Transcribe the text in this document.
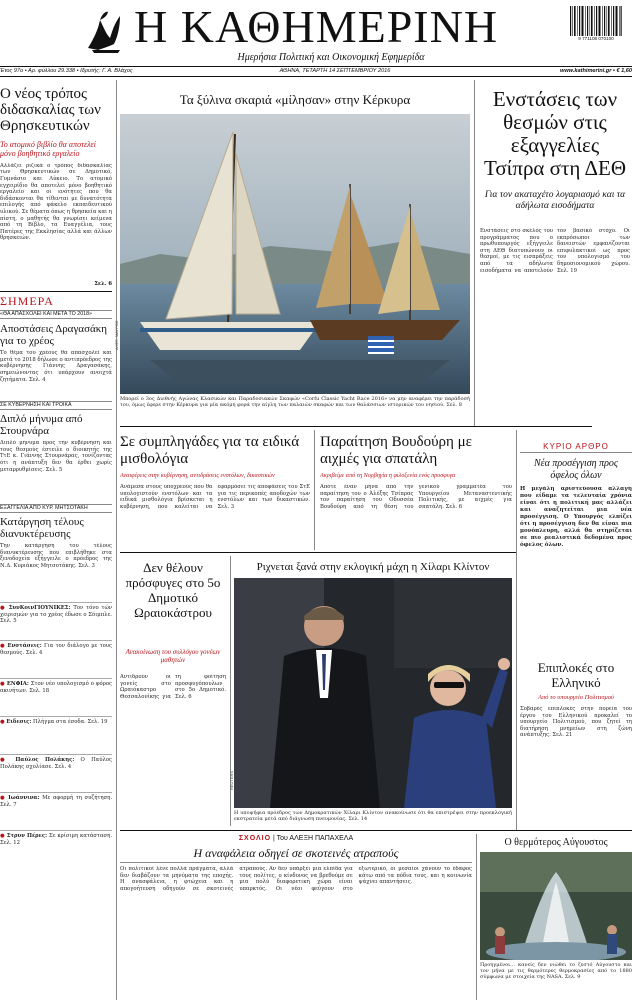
Η ΚΑΘΗΜΕΡΙΝΗ
Ημερήσια Πολιτική και Οικονομική Εφημερίδα
9 771108 070100
Έτος 97ο • Αρ. φύλλου 29.338 • Ιδρυτής: Γ. Α. Βλάχος	ΑΘΗΝΑ, ΤΕΤΑΡΤΗ 14 ΣΕΠΤΕΜΒΡΙΟΥ 2016	www.kathimerini.gr • € 1,60
Ο νέος τρόπος διδασκαλίας των Θρησκευτικών
Το ατομικό βιβλίο θα αποτελεί μόνο βοηθητικό εργαλείο
Αλλάζει ριζικά ο τρόπος διδασκαλίας των Θρησκευτικών σε Δημοτικό, Γυμνάσιο και Λύκειο. Το ατομικό εγχειρίδιο θα αποτελεί μόνο βοηθητικό εργαλείο και οι ενότητες που θα διδάσκονται θα τίθενται με δυνατότητα επιλογής από φάκελο εκπαιδευτικού υλικού. Σε θέματα όπως η θρησκεία και η πίστη, ο μαθητής θα γνωρίσει κείμενα από τη Βίβλο, τα Ευαγγέλια, τους Πατέρες της Εκκλησίας αλλά και άλλων θρησκειών.
Σελ. 6
ΣΗΜΕΡΑ
«ΘΑ ΑΠΑΣΧΟΛΕΙ ΚΑΙ ΜΕΤΑ ΤΟ 2018»
Αποστάσεις Δραγασάκη για το χρέος
Το θέμα του χρέους θα απασχολεί και μετά το 2018 δήλωσε ο αντιπρόεδρος της κυβέρνησης Γιάννης Δραγασάκης, σημειώνοντας ότι υπάρχουν ανοιχτά ζητήματα. Σελ. 4
ΣΕ ΚΥΒΕΡΝΗΣΗ ΚΑΙ ΤΡΟΪΚΑ
Διπλό μήνυμα από Στουρνάρα
Διπλό μήνυμα προς την κυβέρνηση και τους θεσμούς έστειλε ο διοικητής της ΤτΕ κ. Γιάννης Στουρνάρας, τονίζοντας ότι η ανάπτυξη δεν θα έρθει χωρίς μεταρρυθμίσεις. Σελ. 5
ΕΞΑΓΓΕΛΙΑ ΑΠΟ ΚΥΡ. ΜΗΤΣΟΤΑΚΗ
Κατάργηση τέλους διανυκτέρευσης
Την κατάργηση του τέλους διανυκτέρευσης που επιβλήθηκε στα ξενοδοχεία εξήγγειλε ο πρόεδρος της Ν.Δ. Κυριάκος Μητσοτάκης. Σελ. 3
● ΣυνΚοινΓΙΟΥΝΙΚΕΣ: Τον τόνο τών χειρισμών για το χρέος έδωσε ο Σόιμπλε. Σελ. 5
● Ενστάσεις: Για τον διάλογο με τους θεσμούς. Σελ. 4
● ΕΝΦΙΑ: Στον νέο υπολογισμό ο φόρος ακινήτων. Σελ. 18
● Ειδεσις: Πλήγμα στα έσοδα. Σελ. 19
● Παύλος Πολάκης: Ο Παύλος Πολάκης σχολίασε. Σελ. 4
● Ιωάννινα: Με αφορμή τη συζήτηση. Σελ. 7
● Στρυν Πέρες: Σε κρίσιμη κατάσταση. Σελ. 12
Τα ξύλινα σκαριά «μίλησαν» στην Κέρκυρα
ΑΛΕΞ. ΜΑΥΡΟΣ
Μπορεί ο 3ος Διεθνής Αγώνας Κλασικών και Παραδοσιακών Σκαφών «Corfu Classic Yacht Race 2016» να μην αναφέρει την παράδοσή του, όμως έφερε στην Κέρκυρα για μία ακόμη φορά την αίγλη των παλαιών σκαφών και των θαλάσσιων ιστορικών του νησιού. Σελ. 8
Ενστάσεις των θεσμών στις εξαγγελίες Τσίπρα στη ΔΕΘ
Για τον ακαταχέτο λογαριασμό και τα αδήλωτα εισοδήματα
Ενστάσεις στο σκέλος του προγράμματος που ο πρωθυπουργός εξήγγειλε στη ΔΕΘ διατυπώνουν οι θεσμοί, με τις εισπράξεις από τα αδήλωτα εισοδήματα να αποτελούν τον βασικό στόχο. Οι εκπρόσωποι των δανειστών εμφανίζονται επιφυλακτικοί ως προς τον υπολογισμό του δημοσιονομικού χώρου. Σελ. 19
Σε συμπληγάδες για τα ειδικά μισθολόγια
Αναιφέρεις στην κυβέρνηση, αντιδράσεις ενστόλων, δικαστικών
Ανάμεσα στους υποχρεούς που θα υπολογιστούν ενστόλων και τα ειδικά μισθολόγια βρίσκεται η κυβέρνηση, που καλείται να εφαρμόσει τις αποφάσεις του ΣτΕ για τις περικοπές αποδοχών των ενστόλων και των δικαστικών. Σελ. 3
Παραίτηση Βουδούρη με αιχμές για σπατάλη
Ακριβείμε από τη Νορβηγία η φιλοξενία ενός προσφυγα
Απότε έναν μήνα από την παραίτηση του ο Άλέξης Τσίπρας τον παραίτηση του Οδυσσέα Βουδούρη από τη θέση του γενικού γραμματέα του Υπουργείου Μεταναστευτικής Πολιτικής, με αιχμές για σπατάλη. Σελ. 6
ΚΥΡΙΟ ΑΡΘΡΟ
Νέα προσέγγιση προς όφελος όλων
Η μεγάλη αριστεύουσα αλλαγή που είδαμε τα τελευταία χρόνια είναι ότι η πολιτική μας αλλάζει και αναζητείται μια νέα προσέγγιση. Ο Υπουργός ελπίζει ότι η προσέγγιση δεν θα είναι πια μονόπλευρη, αλλά θα στηρίζεται σε πιο ρεαλιστικά δεδομένα προς όφελος όλων.
Δεν θέλουν πρόσφυγες στο 5ο Δημοτικό Ωραιοκάστρου
Ανακοίνωση του συλλόγου γονέων μαθητών
Αντιδρούν οι γονείς στο Ωραιόκαστρο Θεσσαλονίκης για τη φοίτηση προσφυγόπουλων στο 5ο Δημοτικό. Σελ. 6
Ριχνεται ξανά στην εκλογική μάχη η Χίλαρι Κλίντον
REUTERS
Η υποψήφια πρόεδρος των Δημοκρατικών Χίλαρι Κλίντον ανακοίνωσε ότι θα επιστρέψει στην προεκλογική εκστρατεία μετά από διάγνωση πνευμονίας. Σελ. 14
Επιπλοκές στο Ελληνικό
Από το υπουργείο Πολιτισμού
Σοβαρές επιπλοκές στην πορεία του έργου του Ελληνικού προκαλεί το υπουργείο Πολιτισμού, που ζητεί τη διατήρηση μνημείων στη ζώνη ανάπτυξης. Σελ. 21
ΣΧΟΛΙΟ | Του ΑΛΕΞΗ ΠΑΠΑΧΕΛΑ
Η αναφάλεια οδηγεί σε σκοτεινές ατραπούς
Οι πολιτικοί λένε πολλά πράγματα, αλλά δεν διαβάζουν τα μηνύματα της εποχής. Η ανασφάλεια, η φτώχεια και η απογοήτευση οδηγούν σε σκοτεινές ατραπούς. Αν δεν υπάρξει μια ελπίδα για τους πολίτες, ο κίνδυνος να βρεθούμε σε μια πολύ διαφορετική χώρα είναι υπαρκτός. Οι νέοι φεύγουν στο εξωτερικό, οι μεσαίοι χάνουν το έδαφος κάτω από τα πόδια τους, και η κοινωνία ψάχνει απαντήσεις.
Ο θερμότερος Αύγουστος
Προηγμένοι... κανείς δεν νιώθει το ζεστό Αύγουστο και τον μήνα με τις θερμότερες θερμοκρασίες από το 1880 σύμφωνα με στοιχεία της NASA. Σελ. 9
